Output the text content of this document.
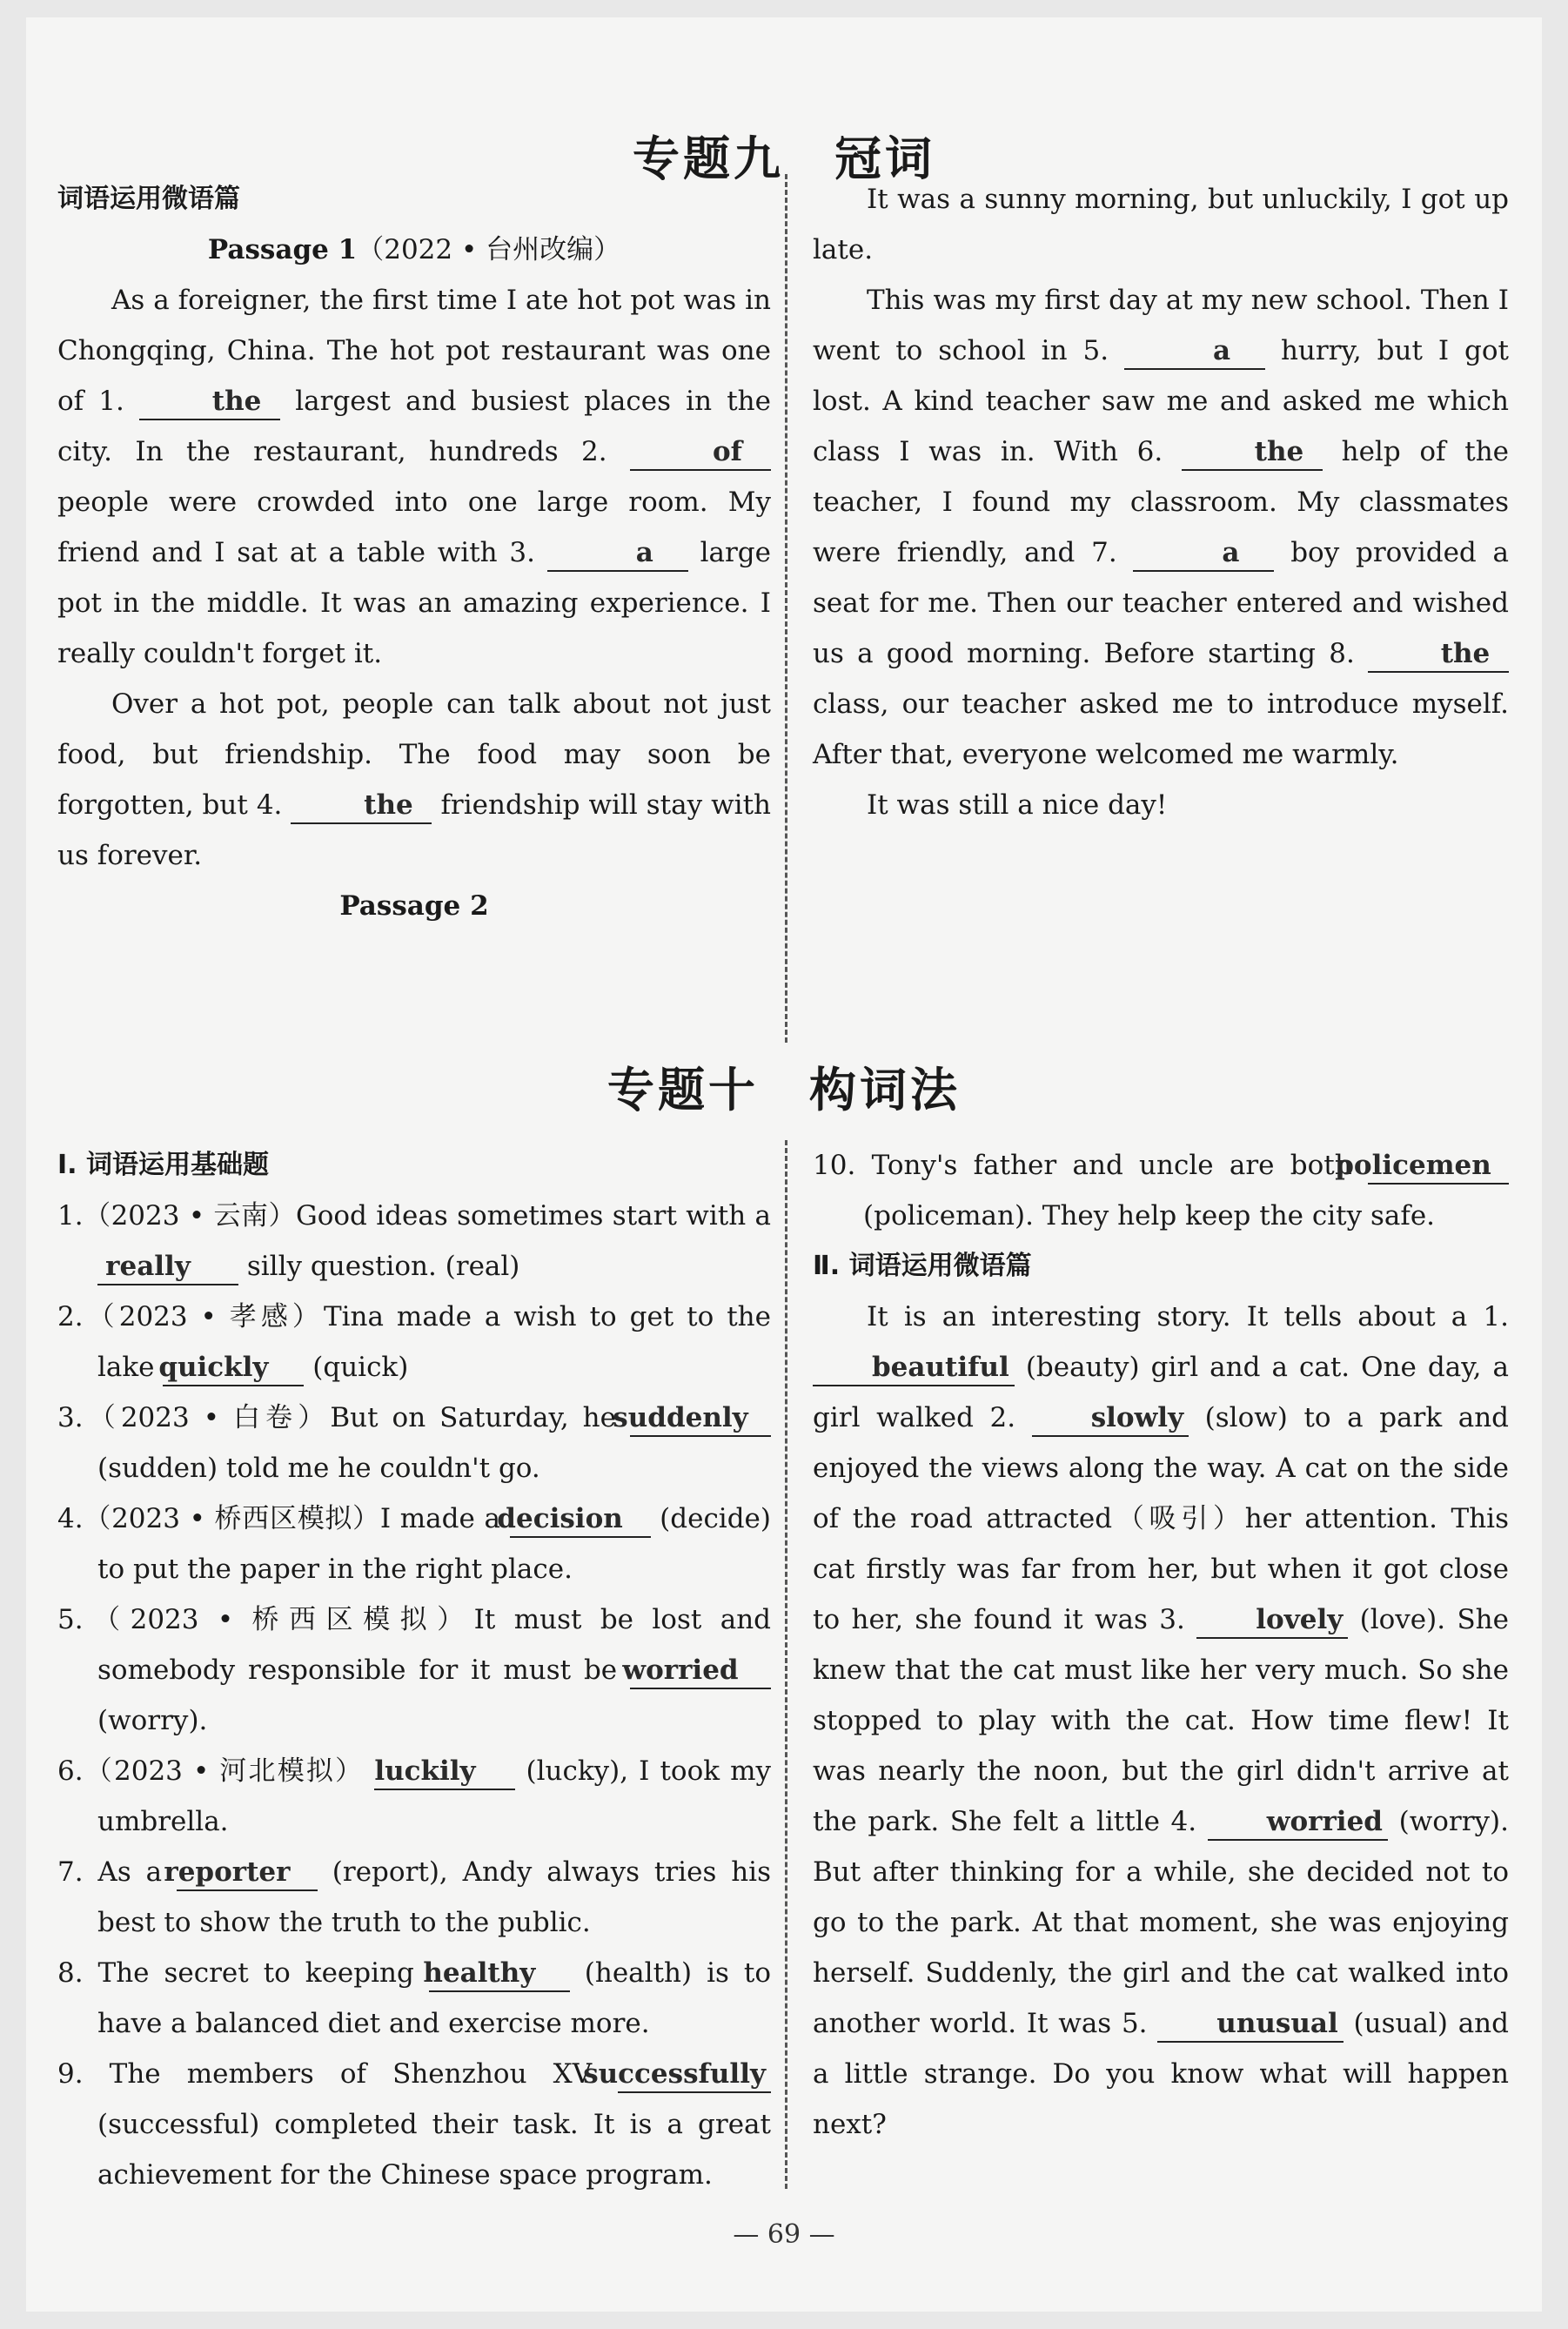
专题九　冠词

词语运用微语篇

Passage 1（2022 • 台州改编）

As a foreigner, the first time I ate hot pot was in Chongqing, China. The hot pot restaurant was one of 1.	the largest and busiest places in the city. In the restaurant, hundreds 2.	of people were crowded into one large room. My friend and I sat at a table with 3.	a large pot in the middle. It was an amazing experience. I really couldn't forget it.

Over a hot pot, people can talk about not just food, but friendship. The food may soon be forgotten, but 4.	the friendship will stay with us forever.

Passage 2

It was a sunny morning, but unluckily, I got up late.

This was my first day at my new school. Then I went to school in 5.	a hurry, but I got lost. A kind teacher saw me and asked me which class I was in. With 6.	the help of the teacher, I found my classroom. My classmates were friendly, and 7.	a boy provided a seat for me. Then our teacher entered and wished us a good morning. Before starting 8.	the class, our teacher asked me to introduce myself. After that, everyone welcomed me warmly.

It was still a nice day!

专题十　构词法

Ⅰ. 词语运用基础题

1.（2023 • 云南）Good ideas sometimes start with a really silly question. (real)

2.（2023 • 孝感）Tina made a wish to get to the lake quickly (quick)

3.（2023 • 白卷）But on Saturday, he suddenly (sudden) told me he couldn't go.

4.（2023 • 桥西区模拟）I made a decision (decide) to put the paper in the right place.

5.（2023 • 桥西区模拟）It must be lost and somebody responsible for it must be worried (worry).

6.（2023 • 河北模拟） luckily (lucky), I took my umbrella.

7. As a reporter (report), Andy always tries his best to show the truth to the public.

8. The secret to keeping healthy (health) is to have a balanced diet and exercise more.

9. The members of Shenzhou XV successfully (successful) completed their task. It is a great achievement for the Chinese space program.

10. Tony's father and uncle are both policemen (policeman). They help keep the city safe.

Ⅱ. 词语运用微语篇

It is an interesting story. It tells about a 1. beautiful (beauty) girl and a cat. One day, a girl walked 2.	slowly (slow) to a park and enjoyed the views along the way. A cat on the side of the road attracted（吸引）her attention. This cat firstly was far from her, but when it got close to her, she found it was 3.	lovely (love). She knew that the cat must like her very much. So she stopped to play with the cat. How time flew! It was nearly the noon, but the girl didn't arrive at the park. She felt a little 4.	worried (worry). But after thinking for a while, she decided not to go to the park. At that moment, she was enjoying herself. Suddenly, the girl and the cat walked into another world. It was 5.	unusual (usual) and a little strange. Do you know what will happen next?

— 69 —
